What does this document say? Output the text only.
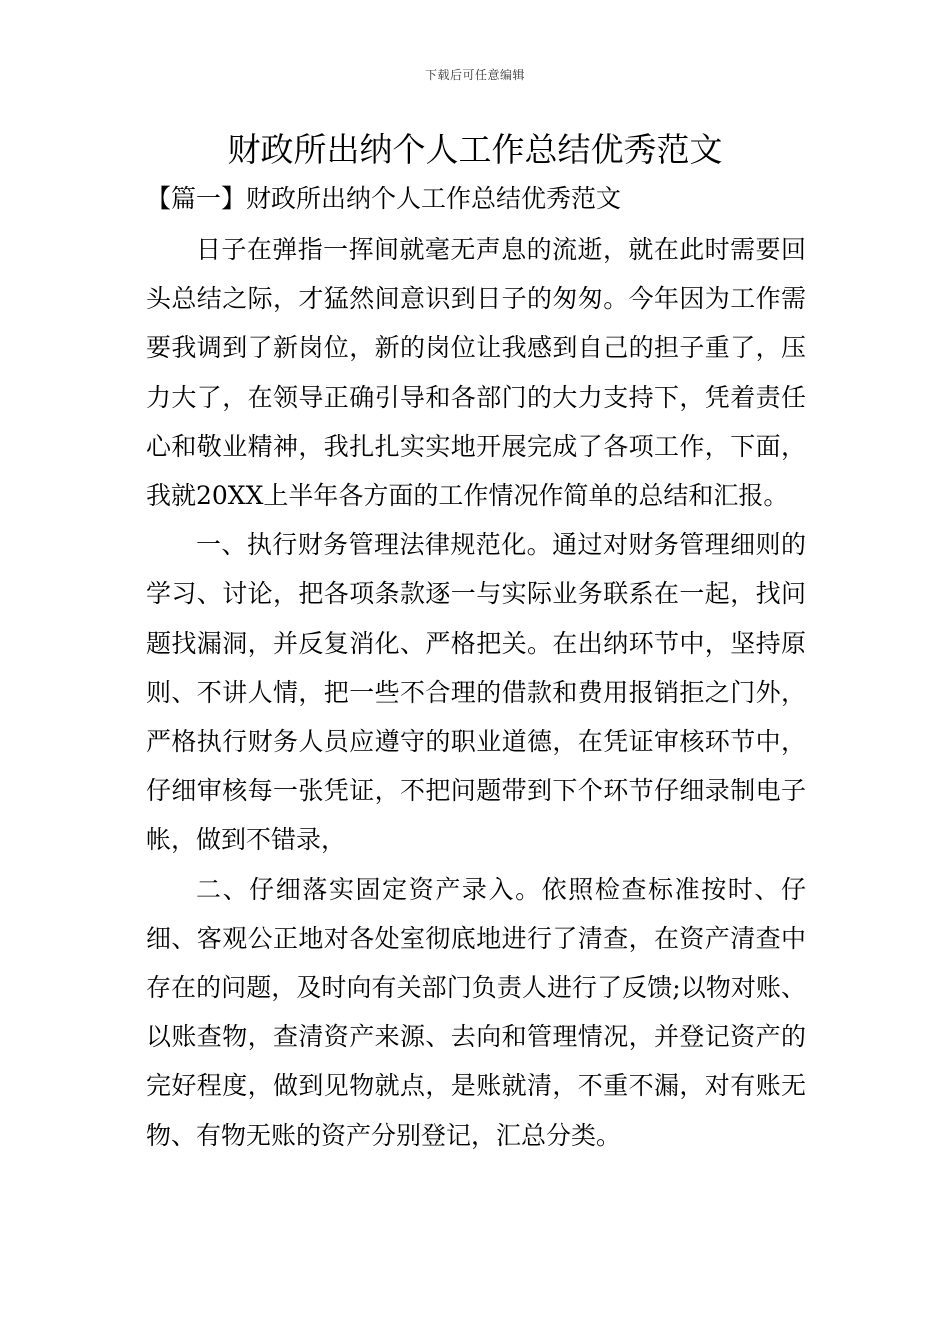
下载后可任意编辑
财政所出纳个人工作总结优秀范文
【篇一】财政所出纳个人工作总结优秀范文

日子在弹指一挥间就毫无声息的流逝，就在此时需要回头总结之际，才猛然间意识到日子的匆匆。今年因为工作需要我调到了新岗位，新的岗位让我感到自己的担子重了，压力大了，在领导正确引导和各部门的大力支持下，凭着责任心和敬业精神，我扎扎实实地开展完成了各项工作，下面，我就20XX上半年各方面的工作情况作简单的总结和汇报。

一、执行财务管理法律规范化。通过对财务管理细则的学习、讨论，把各项条款逐一与实际业务联系在一起，找问题找漏洞，并反复消化、严格把关。在出纳环节中，坚持原则、不讲人情，把一些不合理的借款和费用报销拒之门外，严格执行财务人员应遵守的职业道德，在凭证审核环节中，仔细审核每一张凭证，不把问题带到下个环节仔细录制电子帐，做到不错录，

二、仔细落实固定资产录入。依照检查标准按时、仔细、客观公正地对各处室彻底地进行了清查，在资产清查中存在的问题，及时向有关部门负责人进行了反馈;以物对账、以账查物，查清资产来源、去向和管理情况，并登记资产的完好程度，做到见物就点，是账就清，不重不漏，对有账无物、有物无账的资产分别登记，汇总分类。
